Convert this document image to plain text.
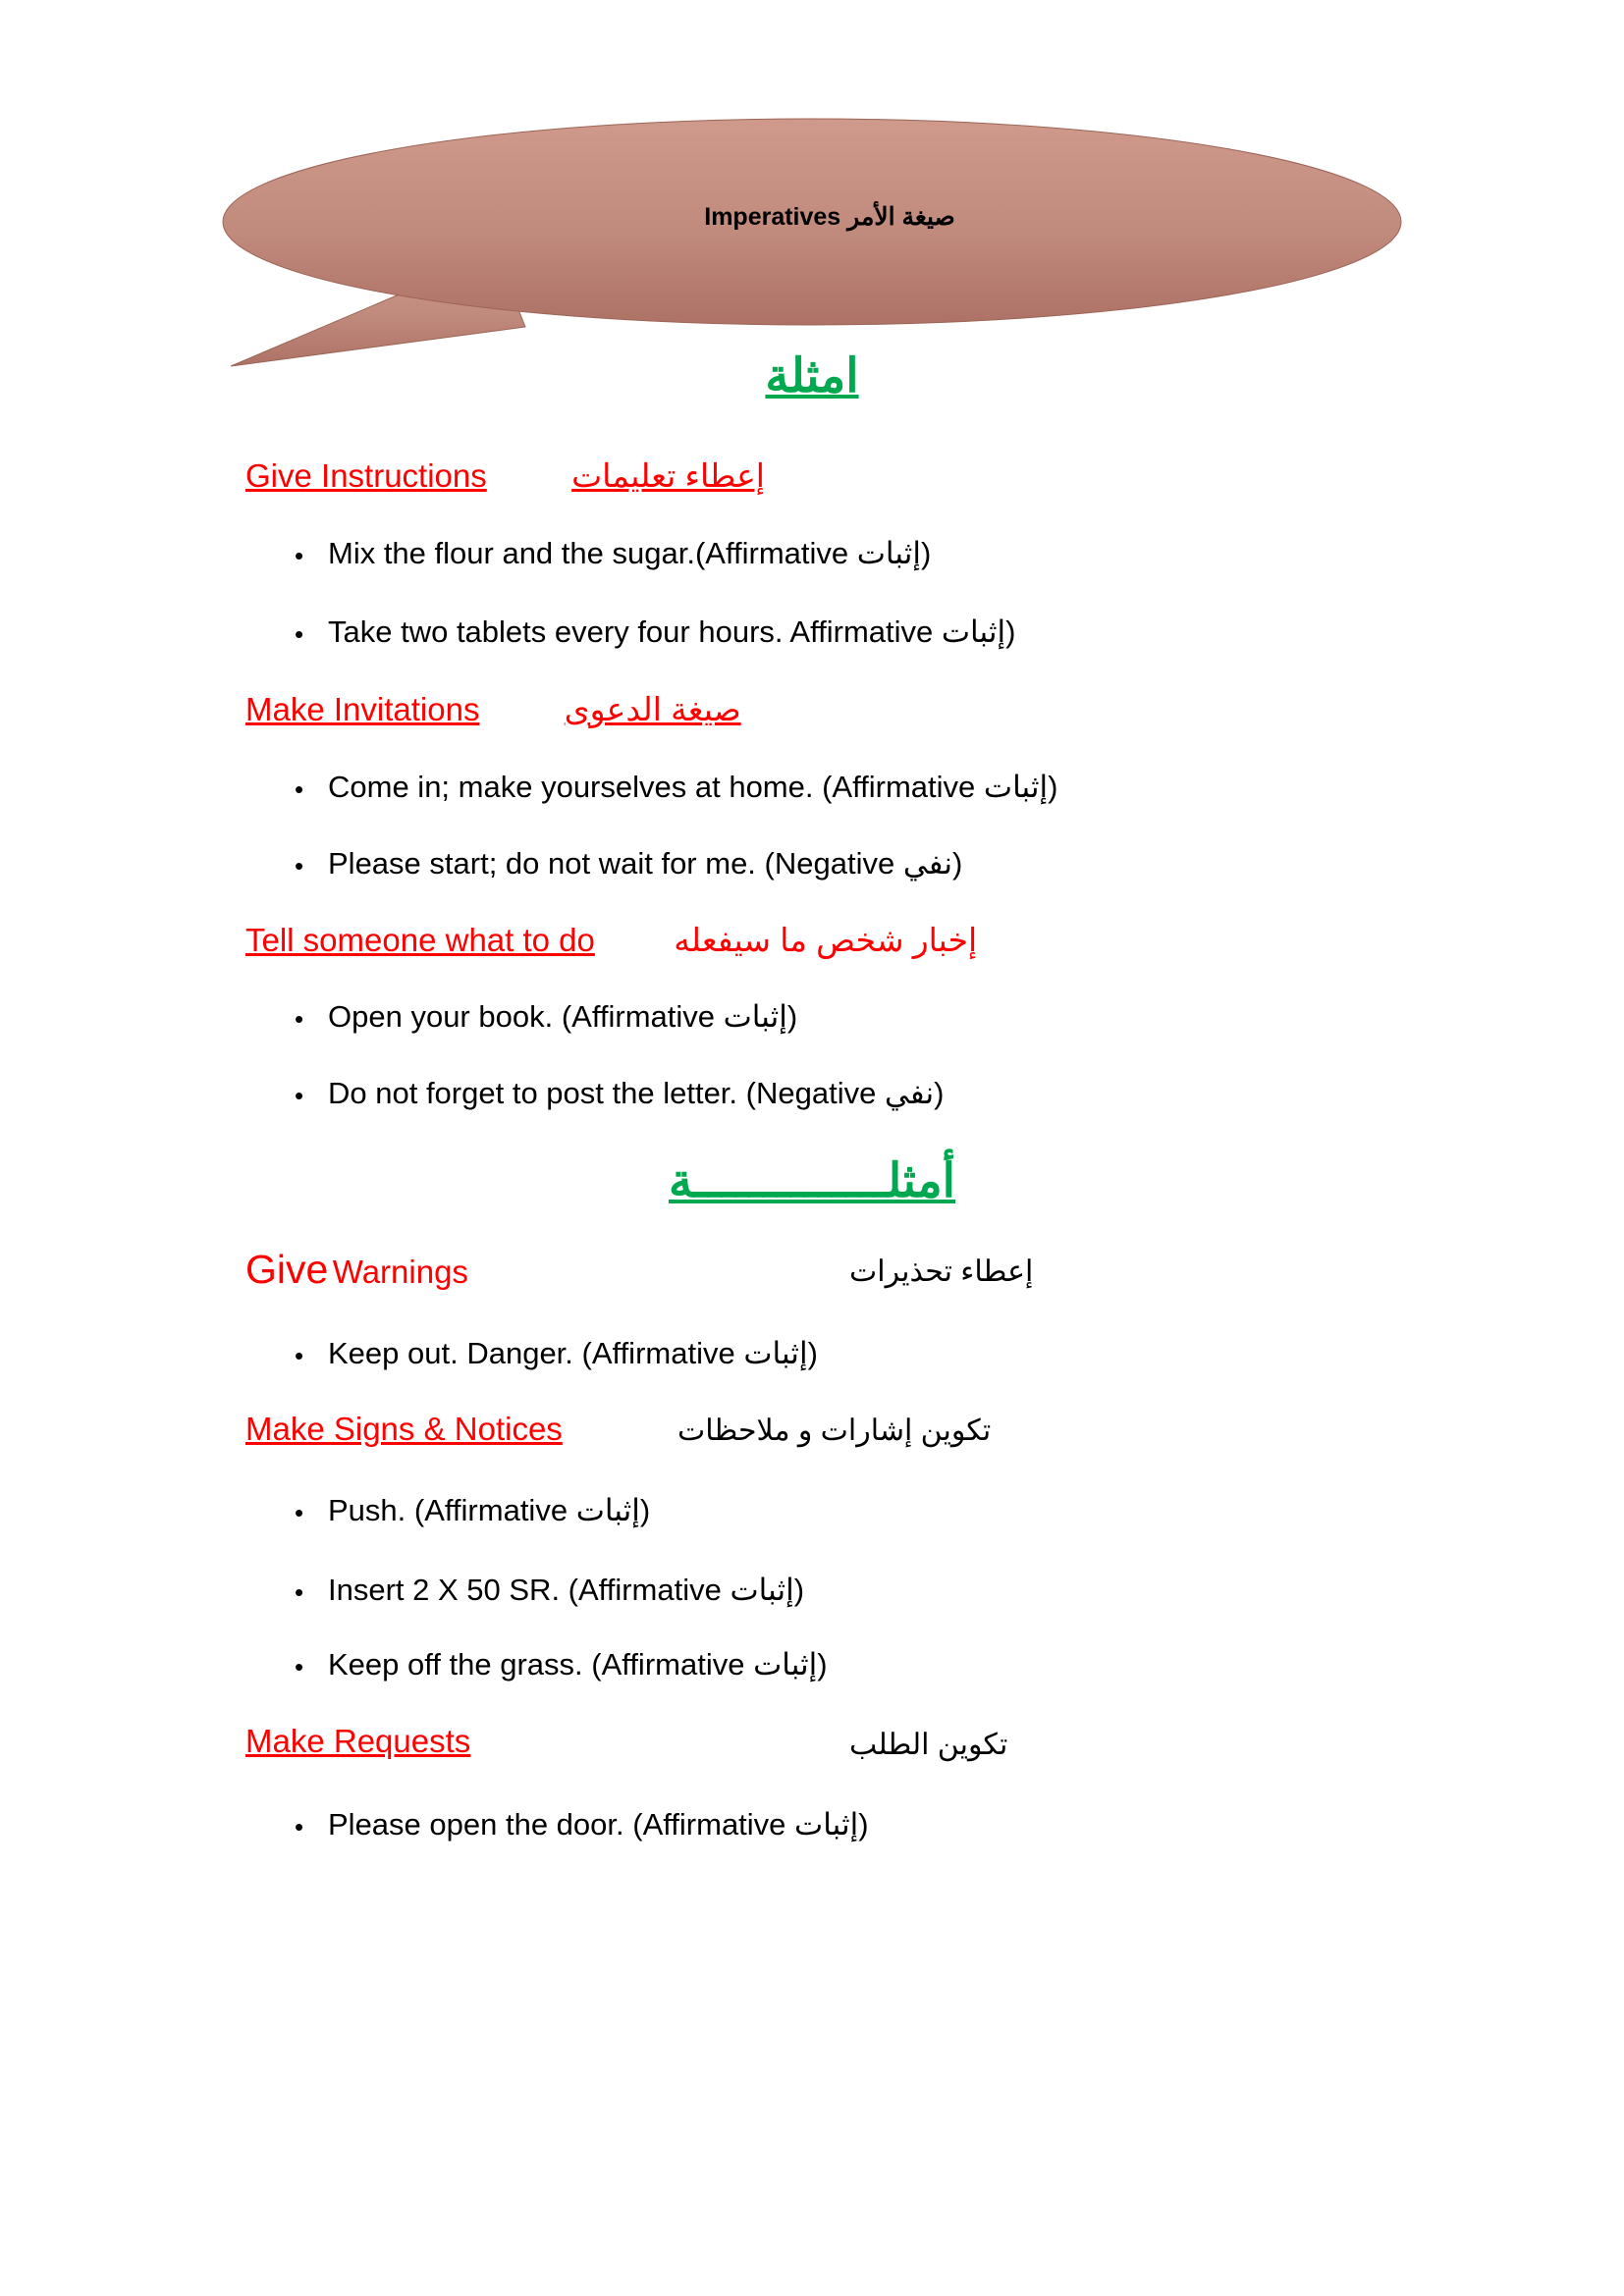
Imperatives صيغة الأمر
امثلة
Give Instructions	إعطاء تعليمات
• Mix the flour and the sugar.(Affirmative إثبات)
• Take two tablets every four hours. Affirmative إثبات)
Make Invitations	صيغة الدعوى
• Come in; make yourselves at home. (Affirmative إثبات)
• Please start; do not wait for me. (Negative نفي)
Tell someone what to do إخبار شخص ما سيفعله
• Open your book. (Affirmative إثبات)
• Do not forget to post the letter. (Negative نفي)
أمثلــــــــــــــة
Give Warnings	إعطاء تحذيرات
• Keep out. Danger. (Affirmative إثبات)
Make Signs & Notices	تكوين إشارات و ملاحظات
• Push. (Affirmative إثبات)
• Insert 2 X 50 SR. (Affirmative إثبات)
• Keep off the grass. (Affirmative إثبات)
Make Requests	تكوين الطلب
• Please open the door. (Affirmative إثبات)
